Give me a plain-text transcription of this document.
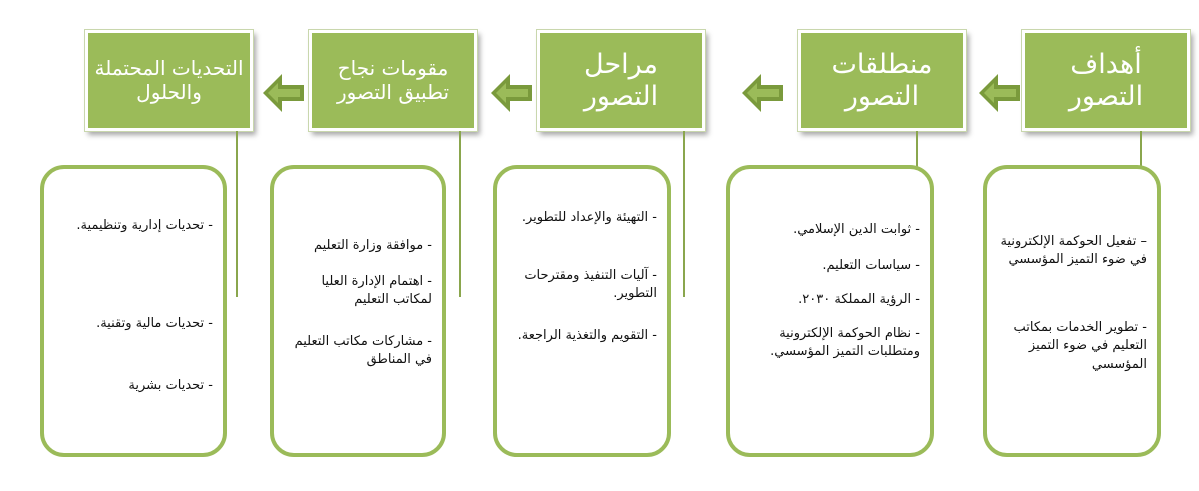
أهداف
التصور
– تفعيل الحوكمة الإلكترونية في ضوء التميز المؤسسي
- تطوير الخدمات بمكاتب التعليم في ضوء التميز المؤسسي
منطلقات
التصور
- ثوابت الدين الإسلامي.
- سياسات التعليم.
- الرؤية المملكة ٢٠٣٠.
- نظام الحوكمة الإلكترونية ومتطلبات التميز المؤسسي.
مراحل
التصور
- التهيئة والإعداد للتطوير.
- آليات التنفيذ ومقترحات التطوير.
- التقويم والتغذية الراجعة.
مقومات نجاح
تطبيق التصور
- موافقة وزارة التعليم
- اهتمام الإدارة العليا لمكاتب التعليم
- مشاركات مكاتب التعليم في المناطق
التحديات المحتملة
والحلول
- تحديات إدارية وتنظيمية.
- تحديات مالية وتقنية.
- تحديات بشرية
